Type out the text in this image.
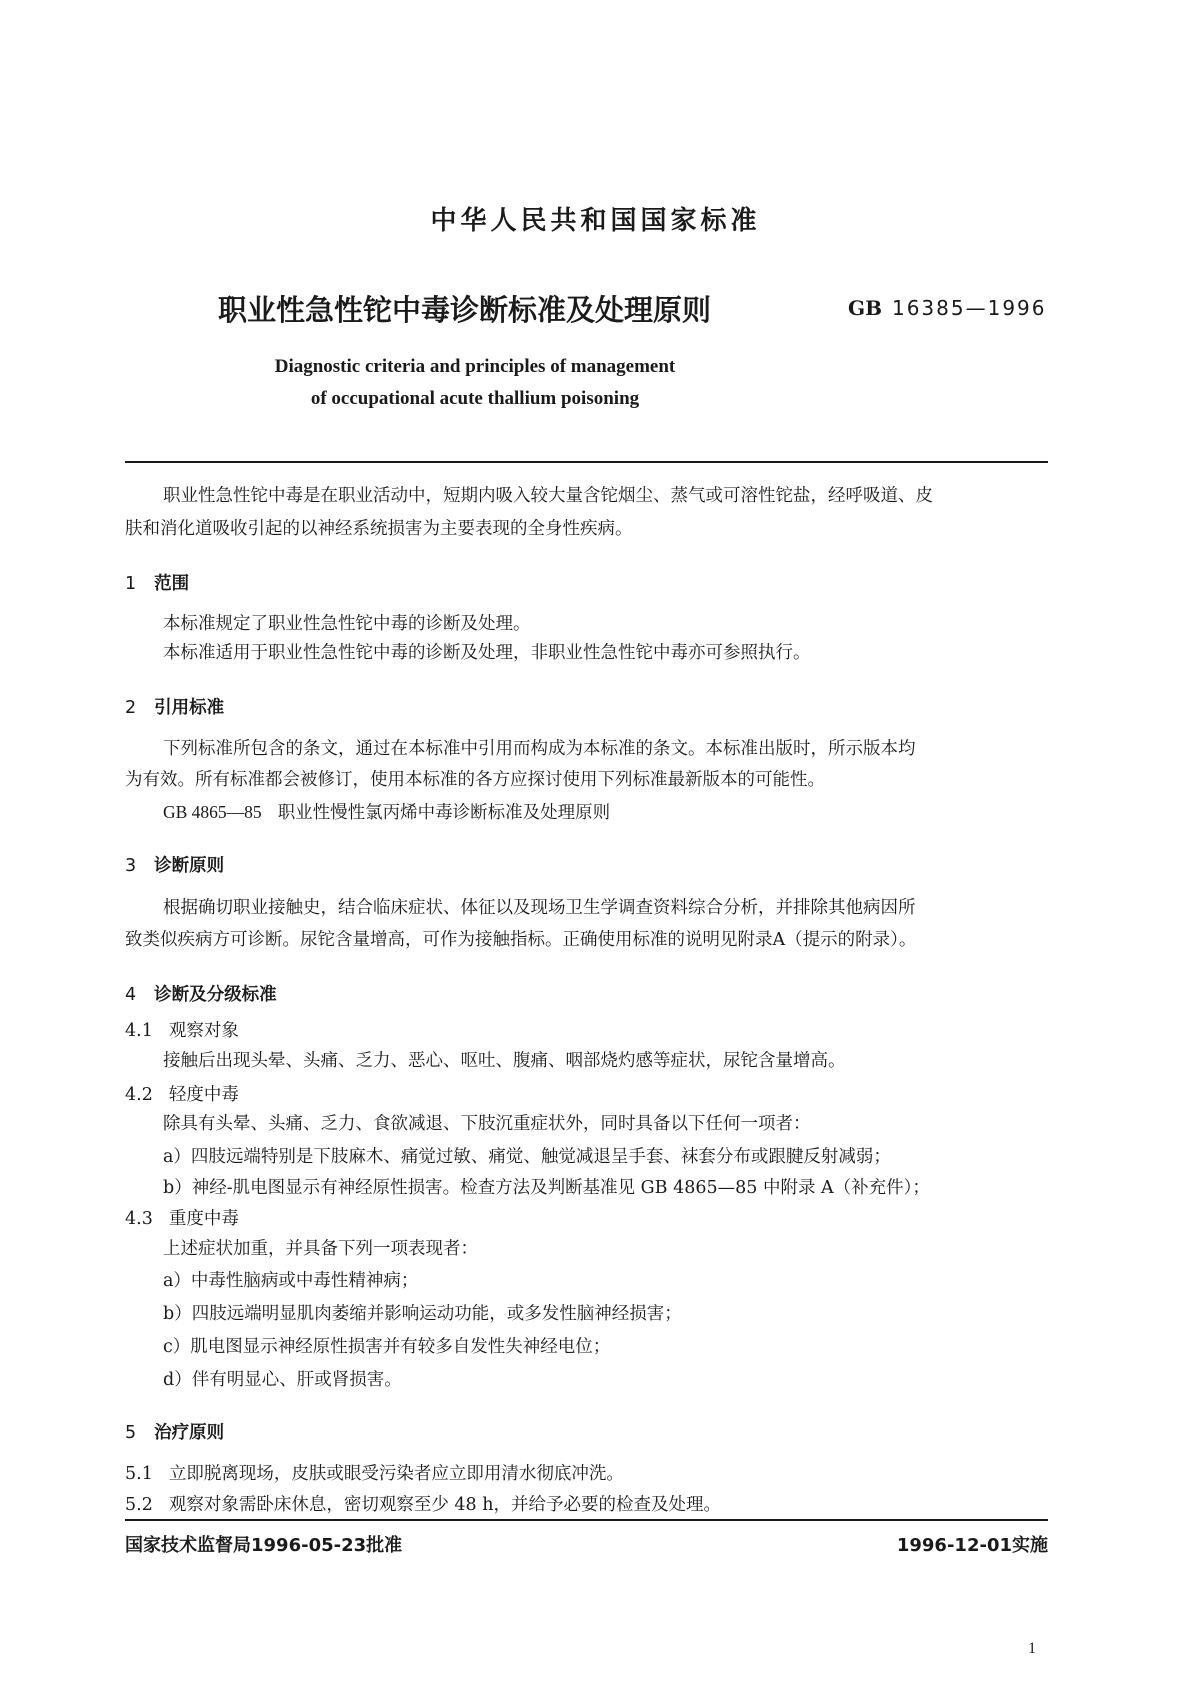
中华人民共和国国家标准
职业性急性铊中毒诊断标准及处理原则	GB 16385—1996
Diagnostic criteria and principles of management
of occupational acute thallium poisoning
职业性急性铊中毒是在职业活动中，短期内吸入较大量含铊烟尘、蒸气或可溶性铊盐，经呼吸道、皮
肤和消化道吸收引起的以神经系统损害为主要表现的全身性疾病。
1 范围
本标准规定了职业性急性铊中毒的诊断及处理。
本标准适用于职业性急性铊中毒的诊断及处理，非职业性急性铊中毒亦可参照执行。
2 引用标准
下列标准所包含的条文，通过在本标准中引用而构成为本标准的条文。本标准出版时，所示版本均
为有效。所有标准都会被修订，使用本标准的各方应探讨使用下列标准最新版本的可能性。
GB 4865—85 职业性慢性氯丙烯中毒诊断标准及处理原则
3 诊断原则
根据确切职业接触史，结合临床症状、体征以及现场卫生学调查资料综合分析，并排除其他病因所
致类似疾病方可诊断。尿铊含量增高，可作为接触指标。正确使用标准的说明见附录A（提示的附录）。
4 诊断及分级标准
4.1 观察对象
接触后出现头晕、头痛、乏力、恶心、呕吐、腹痛、咽部烧灼感等症状，尿铊含量增高。
4.2 轻度中毒
除具有头晕、头痛、乏力、食欲减退、下肢沉重症状外，同时具备以下任何一项者：
a）四肢远端特别是下肢麻木、痛觉过敏、痛觉、触觉减退呈手套、袜套分布或跟腱反射减弱；
b）神经-肌电图显示有神经原性损害。检查方法及判断基准见 GB 4865—85 中附录 A（补充件）；
4.3 重度中毒
上述症状加重，并具备下列一项表现者：
a）中毒性脑病或中毒性精神病；
b）四肢远端明显肌肉萎缩并影响运动功能，或多发性脑神经损害；
c）肌电图显示神经原性损害并有较多自发性失神经电位；
d）伴有明显心、肝或肾损害。
5 治疗原则
5.1 立即脱离现场，皮肤或眼受污染者应立即用清水彻底冲洗。
5.2 观察对象需卧床休息，密切观察至少 48 h，并给予必要的检查及处理。
国家技术监督局1996-05-23批准	1996-12-01实施
1
